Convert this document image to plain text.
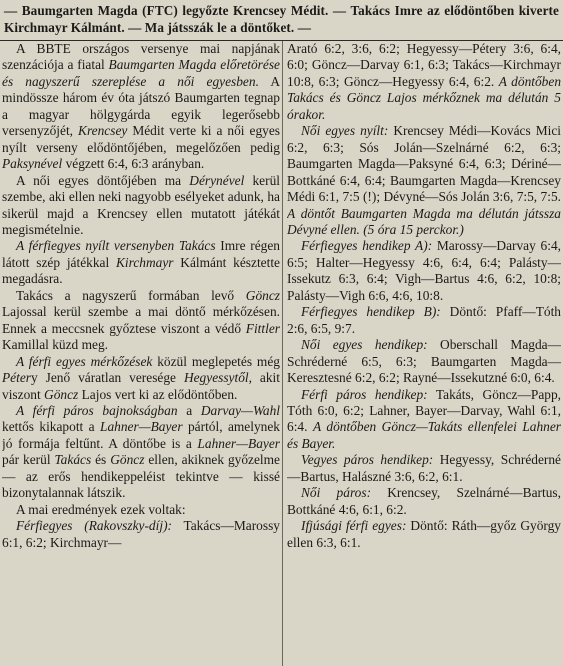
— Baumgarten Magda (FTC) legyőzte Krencsey Médit. — Takács Imre az elődöntőben kiverte Kirchmayr Kálmánt. — Ma játsszák le a döntőket. —

A BBTE országos versenye mai napjának szenzációja a fiatal Baumgarten Magda előretörése és nagyszerű szereplése a női egyesben. A mindössze három év óta játszó Baumgarten tegnap a magyar hölgygárda egyik legerősebb versenyzőjét, Krencsey Médit verte ki a női egyes nyílt verseny elődöntőjében, megelőzően pedig Paksynével végzett 6:4, 6:3 arányban.

A női egyes döntőjében ma Dérynével kerül szembe, aki ellen neki nagyobb esélyeket adunk, ha sikerül majd a Krencsey ellen mutatott játékát megismételnie.

A férfiegyes nyílt versenyben Takács Imre régen látott szép játékkal Kirchmayr Kálmánt késztette megadásra.

Takács a nagyszerű formában levő Göncz Lajossal kerül szembe a mai döntő mérkőzésen. Ennek a meccsnek győztese viszont a védő Fittler Kamillal küzd meg.

A férfi egyes mérkőzések közül meglepetés még Pétery Jenő váratlan veresége Hegyessytől, akit viszont Göncz Lajos vert ki az elődöntőben.

A férfi páros bajnokságban a Darvay—Wahl kettős kikapott a Lahner—Bayer pártól, amelynek jó formája feltűnt. A döntőbe is a Lahner—Bayer pár kerül Takács és Göncz ellen, akiknek győzelme — az erős hendikeppeléist tekintve — kissé bizonytalannak látszik.

A mai eredmények ezek voltak:

Férfiegyes (Rakovszky-díj): Takács—Marossy 6:1, 6:2; Kirchmayr—

Arató 6:2, 3:6, 6:2; Hegyessy—Pétery 3:6, 6:4, 6:0; Göncz—Darvay 6:1, 6:3; Takács—Kirchmayr 10:8, 6:3; Göncz—Hegyessy 6:4, 6:2. A döntőben Takács és Göncz Lajos mérkőznek ma délután 5 órakor.

Női egyes nyílt: Krencsey Médi—Kovács Mici 6:2, 6:3; Sós Jolán—Szelnárné 6:2, 6:3; Baumgarten Magda—Paksyné 6:4, 6:3; Dériné—Bottkáné 6:4, 6:4; Baumgarten Magda—Krencsey Médi 6:1, 7:5 (!); Dévyné—Sós Jolán 3:6, 7:5, 7:5. A döntőt Baumgarten Magda ma délután játssza Dévyné ellen. (5 óra 15 perckor.)

Férfiegyes hendikep A): Marossy—Darvay 6:4, 6:5; Halter—Hegyessy 4:6, 6:4, 6:4; Palásty—Issekutz 6:3, 6:4; Vigh—Bartus 4:6, 6:2, 10:8; Palásty—Vigh 6:6, 4:6, 10:8.

Férfiegyes hendikep B): Döntő: Pfaff—Tóth 2:6, 6:5, 9:7.

Női egyes hendikep: Oberschall Magda—Schréderné 6:5, 6:3; Baumgarten Magda—Keresztesné 6:2, 6:2; Rayné—Issekutzné 6:0, 6:4.

Férfi páros hendikep: Takáts, Göncz—Papp, Tóth 6:0, 6:2; Lahner, Bayer—Darvay, Wahl 6:1, 6:4. A döntőben Göncz—Takáts ellenfelei Lahner és Bayer.

Vegyes páros hendikep: Hegyessy, Schréderné—Bartus, Halászné 3:6, 6:2, 6:1.

Női páros: Krencsey, Szelnárné—Bartus, Bottkáné 4:6, 6:1, 6:2.

Ifjúsági férfi egyes: Döntő: Ráth—győz György ellen 6:3, 6:1.
